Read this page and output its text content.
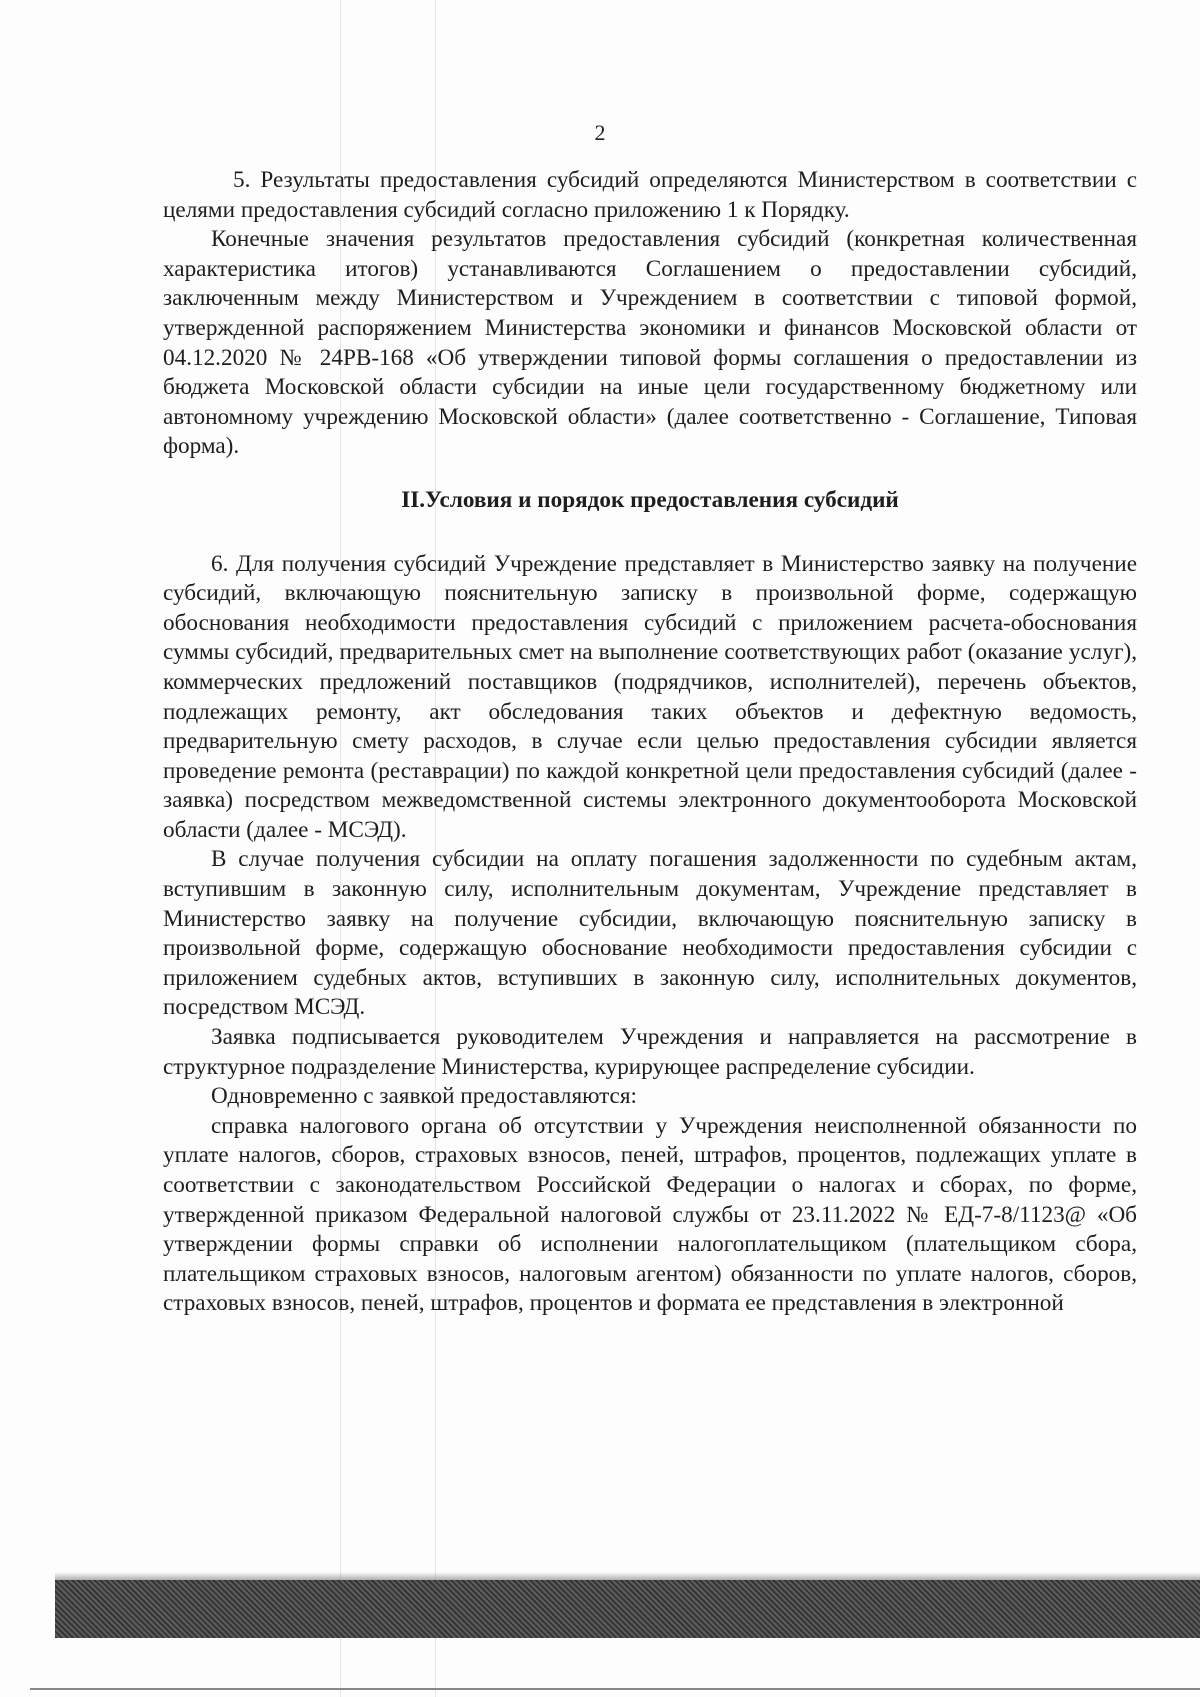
2

5. Результаты предоставления субсидий определяются Министерством в соответствии с целями предоставления субсидий согласно приложению 1 к Порядку.

Конечные значения результатов предоставления субсидий (конкретная количественная характеристика итогов) устанавливаются Соглашением о предоставлении субсидий, заключенным между Министерством и Учреждением в соответствии с типовой формой, утвержденной распоряжением Министерства экономики и финансов Московской области от 04.12.2020 № 24РВ-168 «Об утверждении типовой формы соглашения о предоставлении из бюджета Московской области субсидии на иные цели государственному бюджетному или автономному учреждению Московской области» (далее соответственно - Соглашение, Типовая форма).

II.Условия и порядок предоставления субсидий

6. Для получения субсидий Учреждение представляет в Министерство заявку на получение субсидий, включающую пояснительную записку в произвольной форме, содержащую обоснования необходимости предоставления субсидий с приложением расчета-обоснования суммы субсидий, предварительных смет на выполнение соответствующих работ (оказание услуг), коммерческих предложений поставщиков (подрядчиков, исполнителей), перечень объектов, подлежащих ремонту, акт обследования таких объектов и дефектную ведомость, предварительную смету расходов, в случае если целью предоставления субсидии является проведение ремонта (реставрации) по каждой конкретной цели предоставления субсидий (далее - заявка) посредством межведомственной системы электронного документооборота Московской области (далее - МСЭД).

В случае получения субсидии на оплату погашения задолженности по судебным актам, вступившим в законную силу, исполнительным документам, Учреждение представляет в Министерство заявку на получение субсидии, включающую пояснительную записку в произвольной форме, содержащую обоснование необходимости предоставления субсидии с приложением судебных актов, вступивших в законную силу, исполнительных документов, посредством МСЭД.

Заявка подписывается руководителем Учреждения и направляется на рассмотрение в структурное подразделение Министерства, курирующее распределение субсидии.

Одновременно с заявкой предоставляются:

справка налогового органа об отсутствии у Учреждения неисполненной обязанности по уплате налогов, сборов, страховых взносов, пеней, штрафов, процентов, подлежащих уплате в соответствии с законодательством Российской Федерации о налогах и сборах, по форме, утвержденной приказом Федеральной налоговой службы от 23.11.2022 № ЕД-7-8/1123@ «Об утверждении формы справки об исполнении налогоплательщиком (плательщиком сбора, плательщиком страховых взносов, налоговым агентом) обязанности по уплате налогов, сборов, страховых взносов, пеней, штрафов, процентов и формата ее представления в электронной
